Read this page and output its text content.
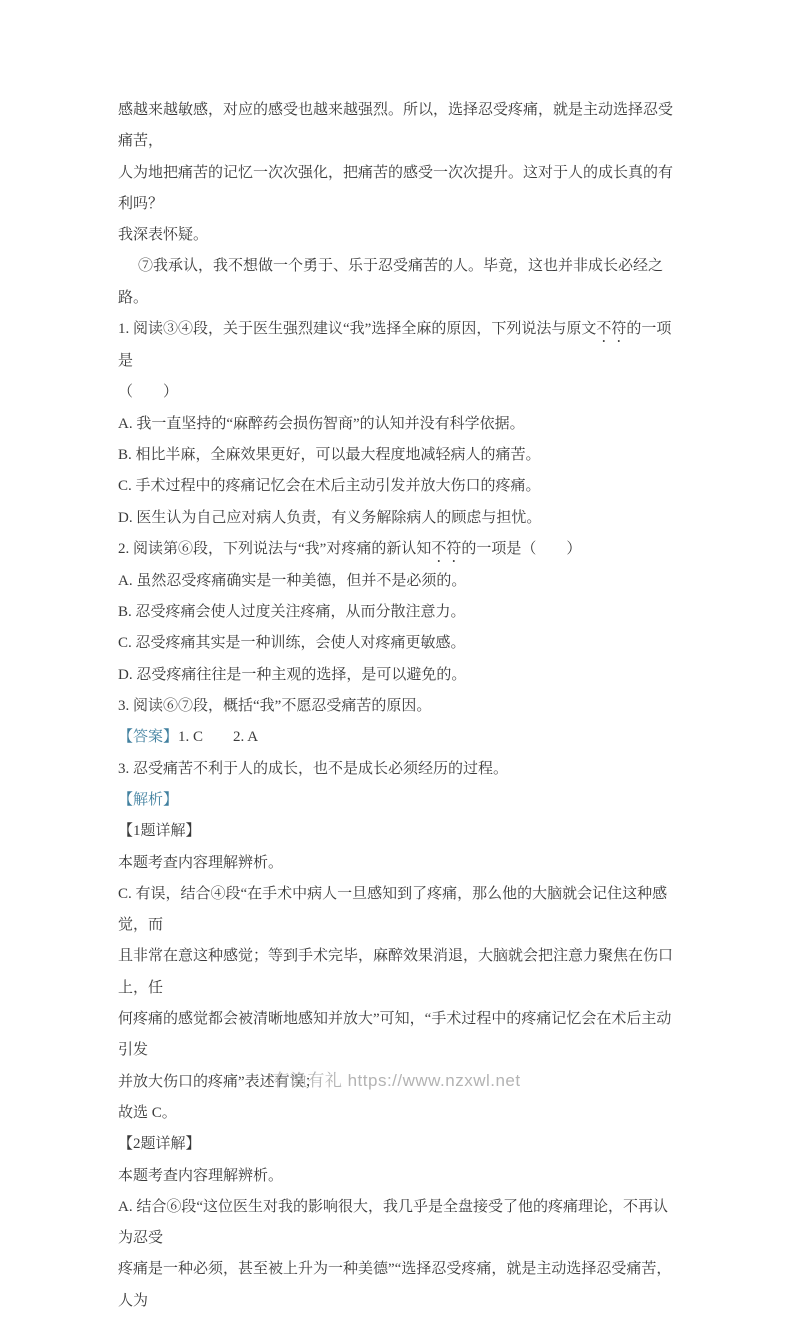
感越来越敏感，对应的感受也越来越强烈。所以，选择忍受疼痛，就是主动选择忍受痛苦，
人为地把痛苦的记忆一次次强化，把痛苦的感受一次次提升。这对于人的成长真的有利吗？
我深表怀疑。
⑦我承认，我不想做一个勇于、乐于忍受痛苦的人。毕竟，这也并非成长必经之路。
1. 阅读③④段，关于医生强烈建议“我”选择全麻的原因，下列说法与原文不符的一项是
（　　）
A. 我一直坚持的“麻醉药会损伤智商”的认知并没有科学依据。
B. 相比半麻，全麻效果更好，可以最大程度地减轻病人的痛苦。
C. 手术过程中的疼痛记忆会在术后主动引发并放大伤口的疼痛。
D. 医生认为自己应对病人负责，有义务解除病人的顾虑与担忧。
2. 阅读第⑥段，下列说法与“我”对疼痛的新认知不符的一项是（　　）
A. 虽然忍受疼痛确实是一种美德，但并不是必须的。
B. 忍受疼痛会使人过度关注疼痛，从而分散注意力。
C. 忍受疼痛其实是一种训练，会使人对疼痛更敏感。
D. 忍受疼痛往往是一种主观的选择，是可以避免的。
3. 阅读⑥⑦段，概括“我”不愿忍受痛苦的原因。
【答案】1. C　　2. A
3. 忍受痛苦不利于人的成长，也不是成长必须经历的过程。
【解析】
【1题详解】
本题考查内容理解辨析。
C. 有误，结合④段“在手术中病人一旦感知到了疼痛，那么他的大脑就会记住这种感觉，而
且非常在意这种感觉；等到手术完毕，麻醉效果消退，大脑就会把注意力聚焦在伤口上，任
何疼痛的感觉都会被清晰地感知并放大”可知，“手术过程中的疼痛记忆会在术后主动引发
并放大伤口的疼痛”表述有误；
故选 C。
【2题详解】
本题考查内容理解辨析。
A. 结合⑥段“这位医生对我的影响很大，我几乎是全盘接受了他的疼痛理论，不再认为忍受
疼痛是一种必须，甚至被上升为一种美德”“选择忍受疼痛，就是主动选择忍受痛苦，人为
有渔有礼 https://www.nzxwl.net
